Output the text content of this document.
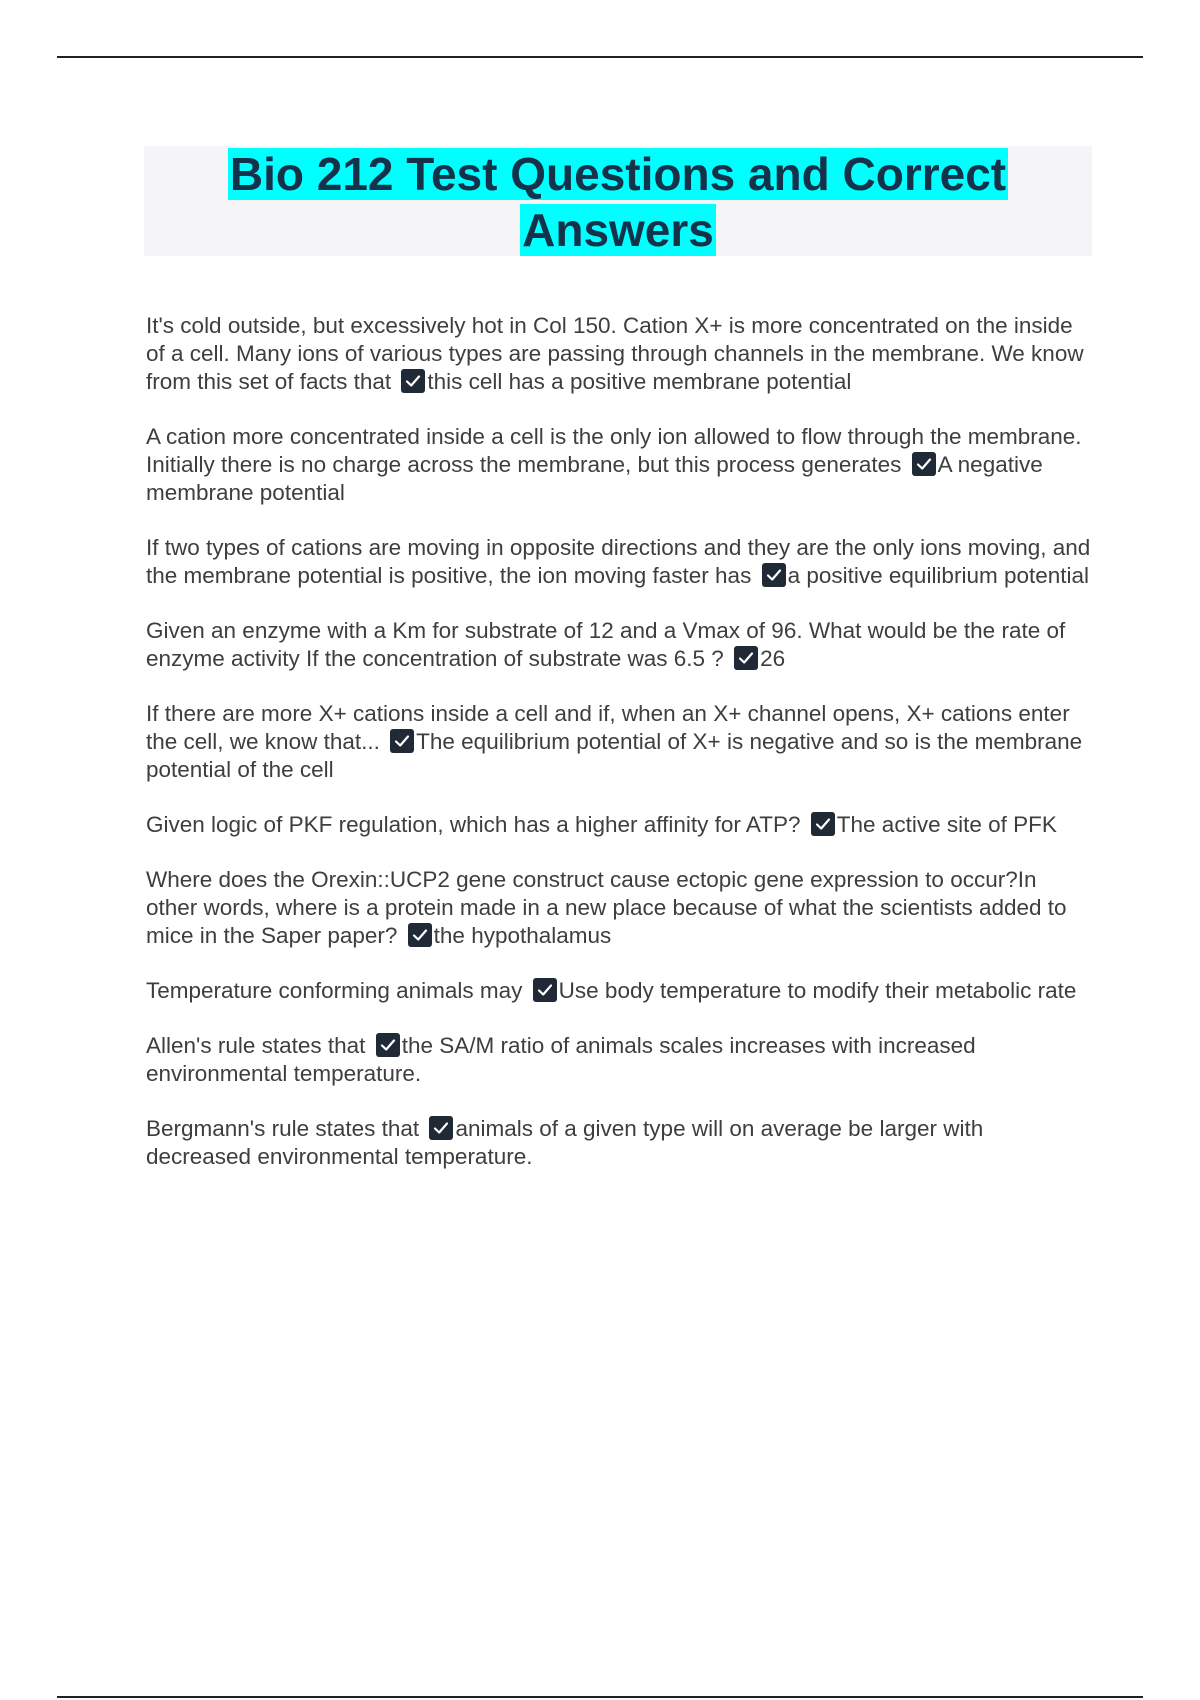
Bio 212 Test Questions and Correct
Answers

It's cold outside, but excessively hot in Col 150. Cation X+ is more concentrated on the inside of a cell. Many ions of various types are passing through channels in the membrane. We know from this set of facts that this cell has a positive membrane potential

A cation more concentrated inside a cell is the only ion allowed to flow through the membrane. Initially there is no charge across the membrane, but this process generates A negative membrane potential

If two types of cations are moving in opposite directions and they are the only ions moving, and the membrane potential is positive, the ion moving faster has a positive equilibrium potential

Given an enzyme with a Km for substrate of 12 and a Vmax of 96. What would be the rate of enzyme activity If the concentration of substrate was 6.5 ? 26

If there are more X+ cations inside a cell and if, when an X+ channel opens, X+ cations enter the cell, we know that... The equilibrium potential of X+ is negative and so is the membrane potential of the cell

Given logic of PKF regulation, which has a higher affinity for ATP? The active site of PFK

Where does the Orexin::UCP2 gene construct cause ectopic gene expression to occur?In other words, where is a protein made in a new place because of what the scientists added to mice in the Saper paper? the hypothalamus

Temperature conforming animals may Use body temperature to modify their metabolic rate

Allen's rule states that the SA/M ratio of animals scales increases with increased environmental temperature.

Bergmann's rule states that animals of a given type will on average be larger with decreased environmental temperature.
